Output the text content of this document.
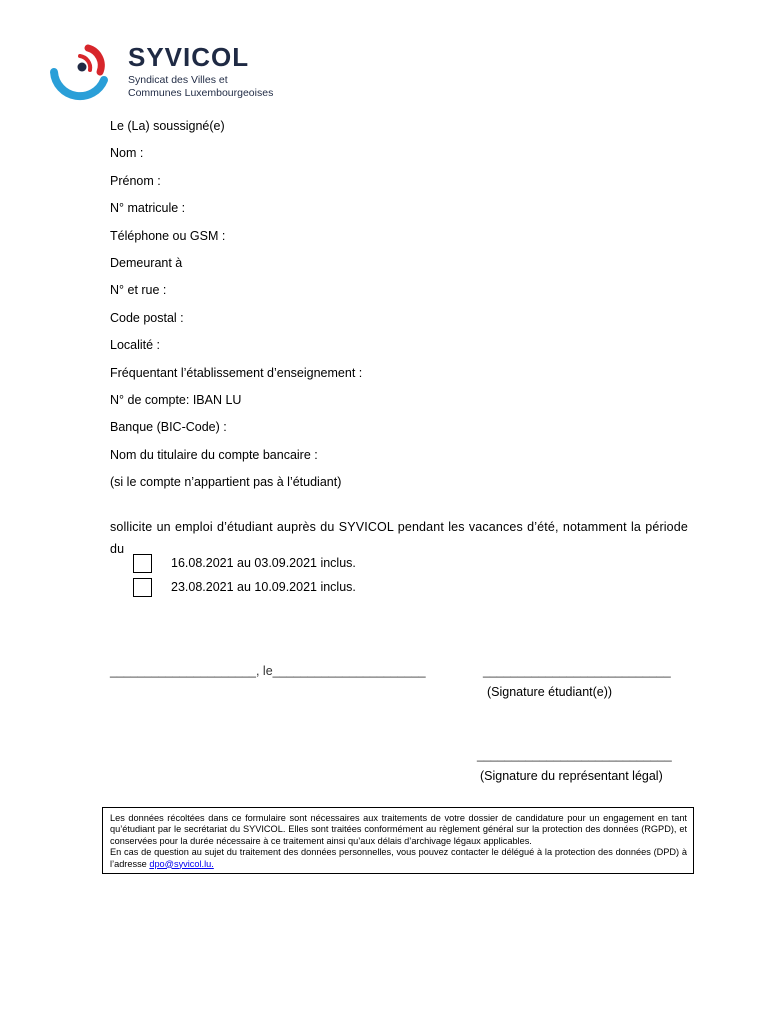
SYVICOL
Syndicat des Villes et
Communes Luxembourgeoises
Le (La) soussigné(e)
Nom :
Prénom :
N° matricule :
Téléphone ou GSM :
Demeurant à
N° et rue :
Code postal :
Localité :
Fréquentant l’établissement d’enseignement :
N° de compte: IBAN LU
Banque (BIC-Code) :
Nom du titulaire du compte bancaire :
(si le compte n’appartient pas à l’étudiant)
sollicite un emploi d’étudiant auprès du SYVICOL pendant les vacances d’été, notamment la période du
16.08.2021 au 03.09.2021 inclus.
23.08.2021 au 10.09.2021 inclus.
_____________________, le______________________	___________________________
(Signature étudiant(e))
____________________________
(Signature du représentant légal)
Les données récoltées dans ce formulaire sont nécessaires aux traitements de votre dossier de candidature pour un engagement en tant qu’étudiant par le secrétariat du SYVICOL. Elles sont traitées conformément au règlement général sur la protection des données (RGPD), et conservées pour la durée nécessaire à ce traitement ainsi qu’aux délais d’archivage légaux applicables.
En cas de question au sujet du traitement des données personnelles, vous pouvez contacter le délégué à la protection des données (DPD) à l’adresse dpo@syvicol.lu.
